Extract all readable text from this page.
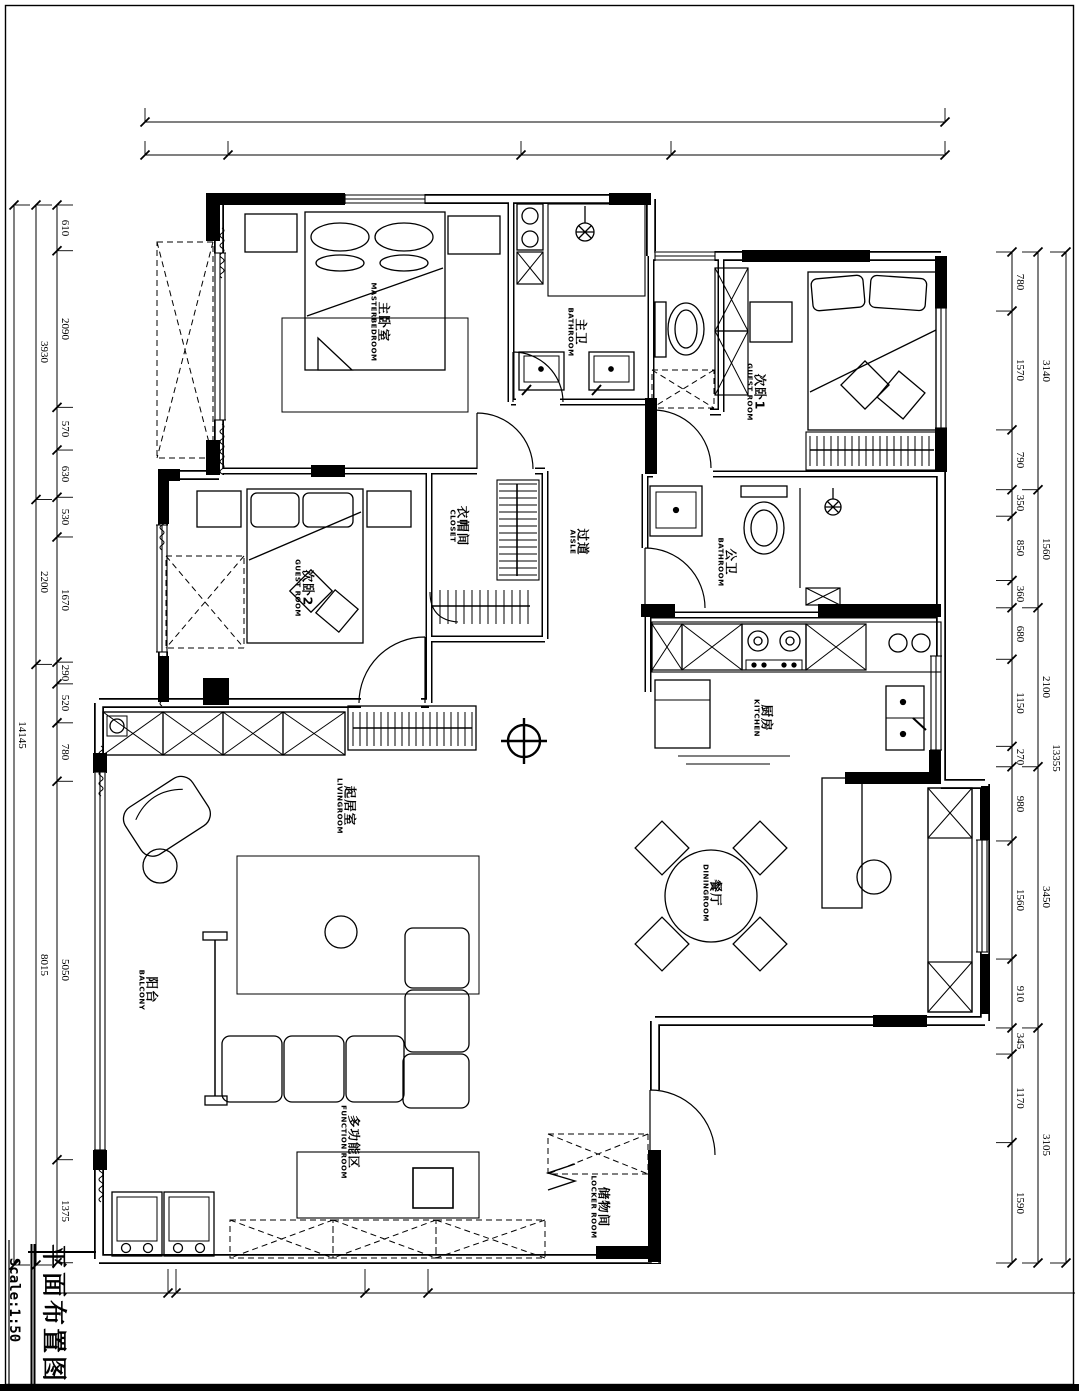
610
2090
570
630
530
1670
290
520
780
5050
1375
3930
2200
8015
14145
780
1570
790
350
850
360
680
1150
270
980
1560
910
345
1170
1590
3140
1560
2100
3450
3105
13355
主卧室
MASTERBEDROOM	主卫
BATHROOM
次卧1
GUEST ROOM
衣帽间
CLOSET	过道
AISLE
次卧2
GUEST ROOM	公卫
BATHROOM
厨房
KITCHEN
餐厅
DININGROOM
起居室
LIVINGROOM
阳台
BALCONY
多功能区
FUNCTION ROOM
储物间
LOCKER ROOM
平面布置图
Scale:1:50
